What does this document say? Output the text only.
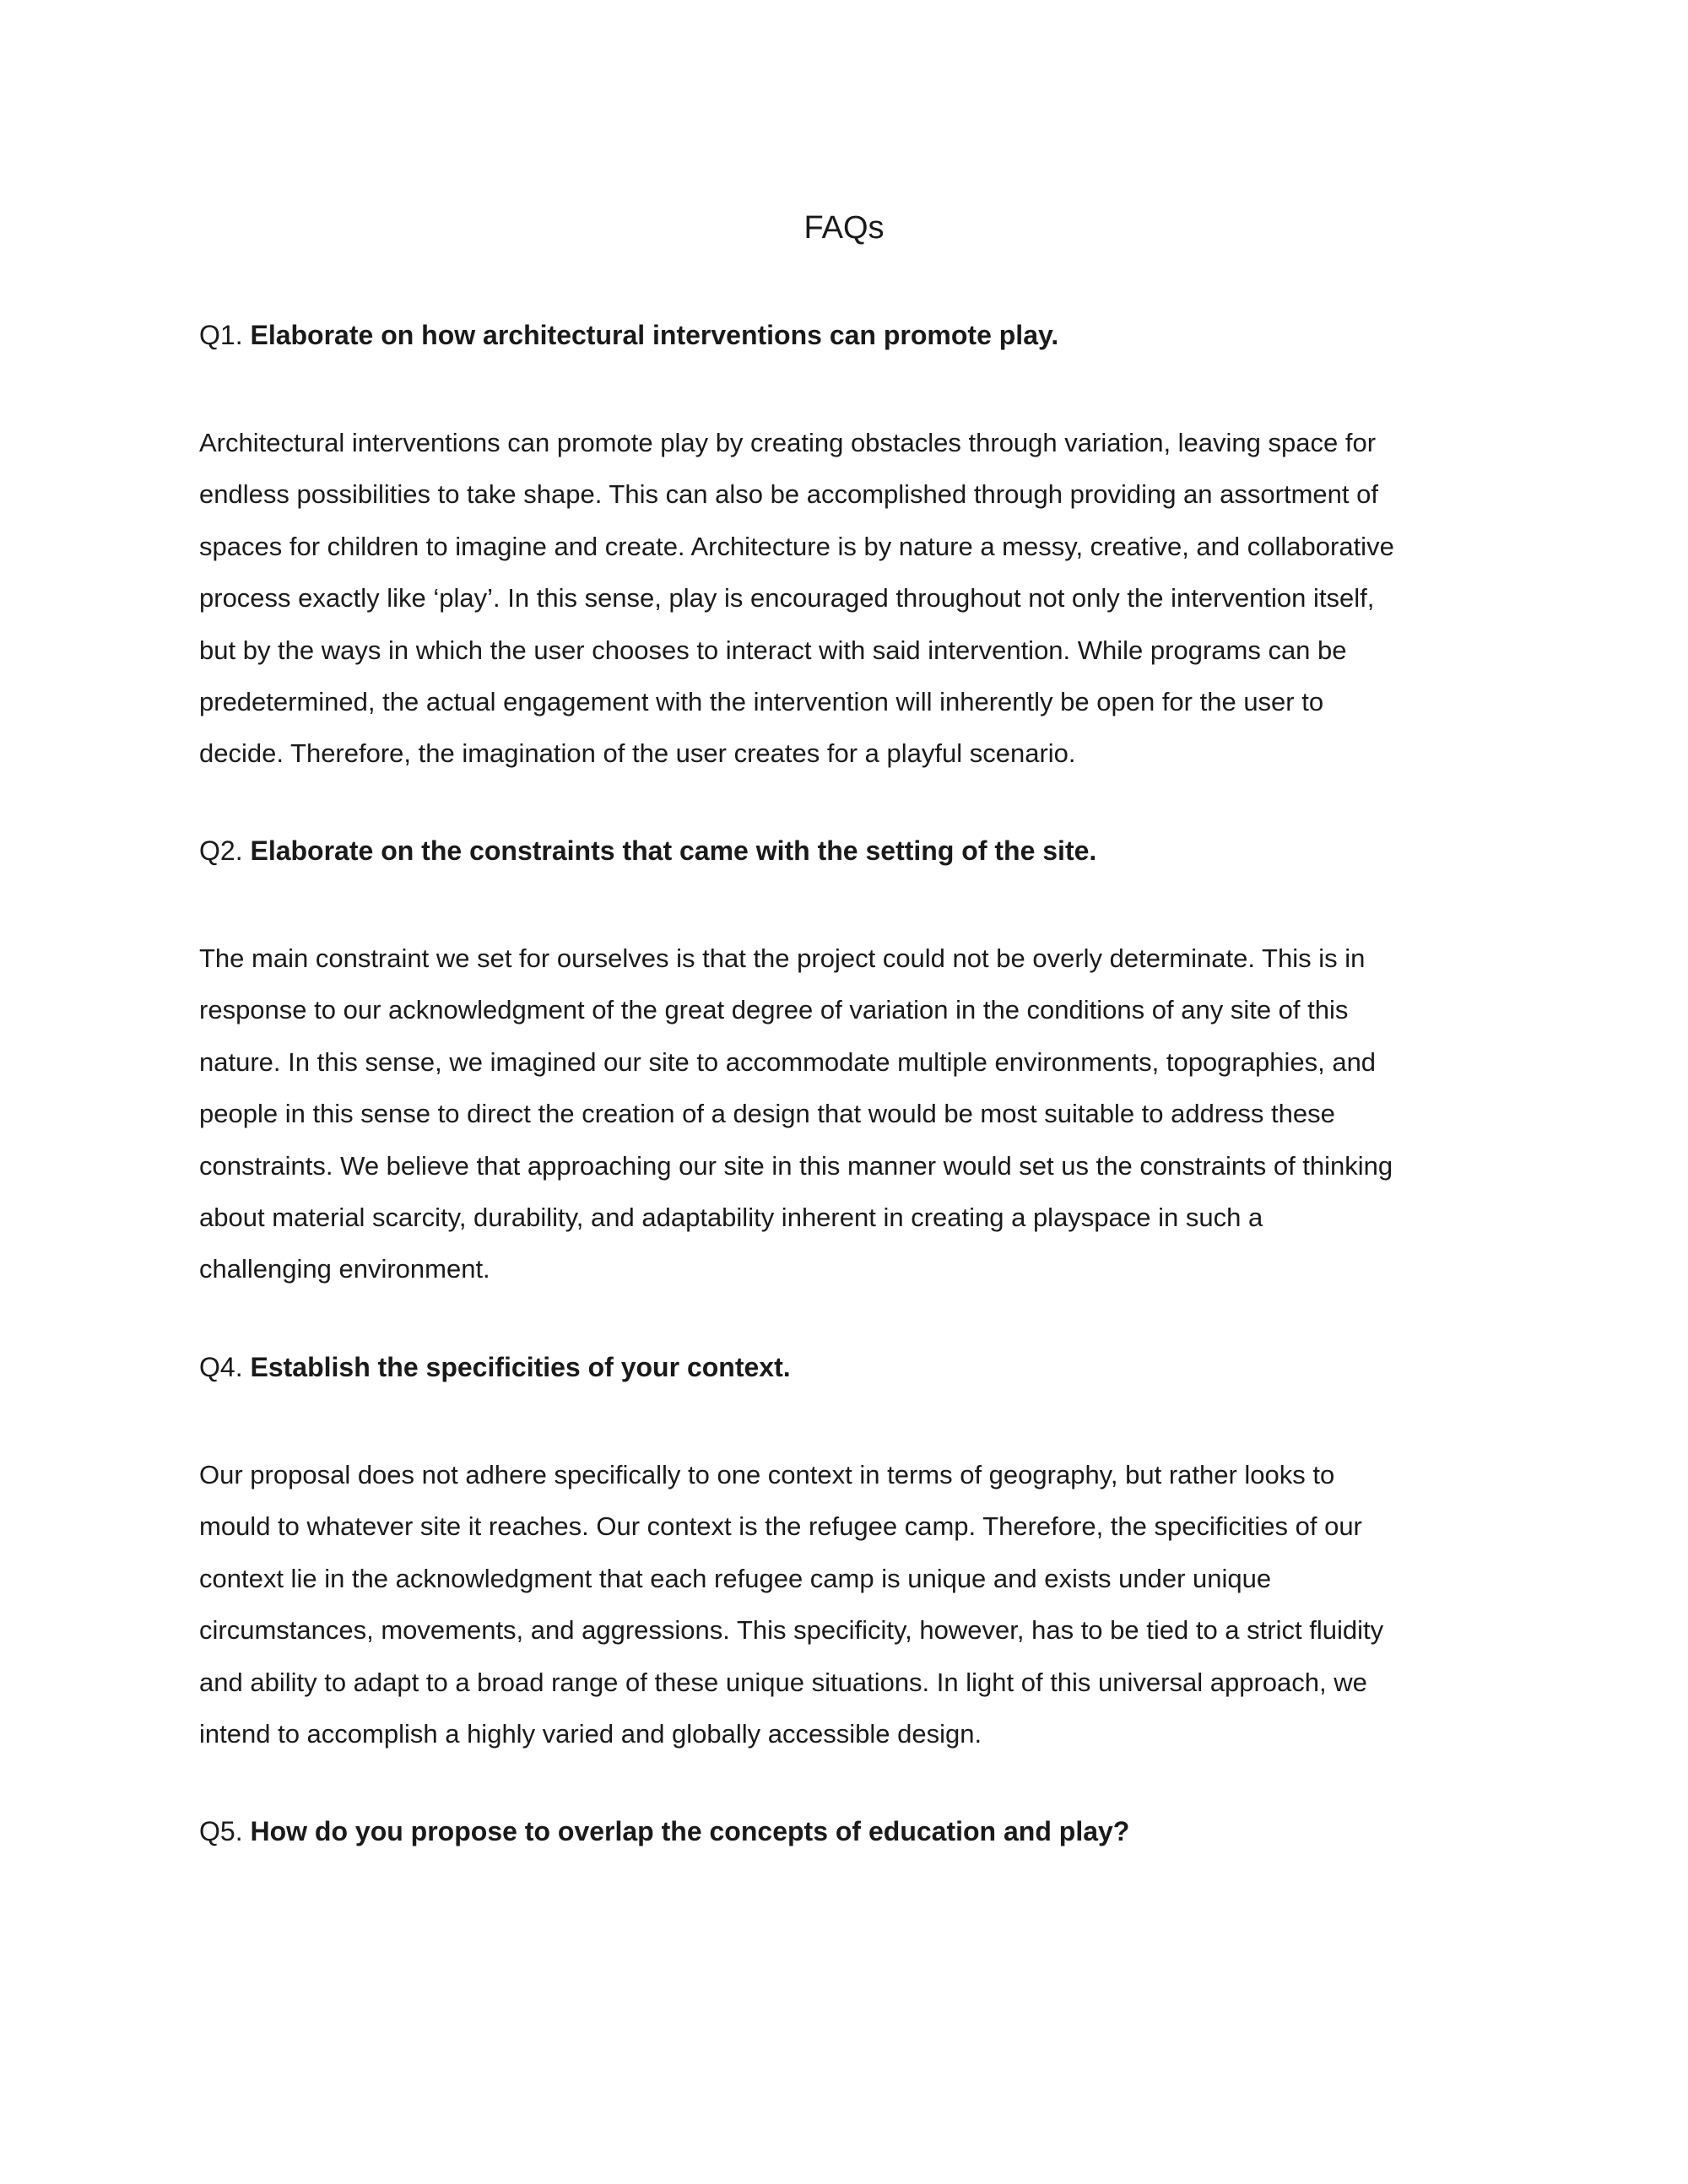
FAQs

Q1. Elaborate on how architectural interventions can promote play.

Architectural interventions can promote play by creating obstacles through variation, leaving space for
endless possibilities to take shape. This can also be accomplished through providing an assortment of
spaces for children to imagine and create. Architecture is by nature a messy, creative, and collaborative
process exactly like ‘play’. In this sense, play is encouraged throughout not only the intervention itself,
but by the ways in which the user chooses to interact with said intervention. While programs can be
predetermined, the actual engagement with the intervention will inherently be open for the user to
decide. Therefore, the imagination of the user creates for a playful scenario.

Q2. Elaborate on the constraints that came with the setting of the site.

The main constraint we set for ourselves is that the project could not be overly determinate. This is in
response to our acknowledgment of the great degree of variation in the conditions of any site of this
nature. In this sense, we imagined our site to accommodate multiple environments, topographies, and
people in this sense to direct the creation of a design that would be most suitable to address these
constraints. We believe that approaching our site in this manner would set us the constraints of thinking
about material scarcity, durability, and adaptability inherent in creating a playspace in such a
challenging environment.

Q4. Establish the specificities of your context.

Our proposal does not adhere specifically to one context in terms of geography, but rather looks to
mould to whatever site it reaches. Our context is the refugee camp. Therefore, the specificities of our
context lie in the acknowledgment that each refugee camp is unique and exists under unique
circumstances, movements, and aggressions. This specificity, however, has to be tied to a strict fluidity
and ability to adapt to a broad range of these unique situations. In light of this universal approach, we
intend to accomplish a highly varied and globally accessible design.

Q5. How do you propose to overlap the concepts of education and play?
